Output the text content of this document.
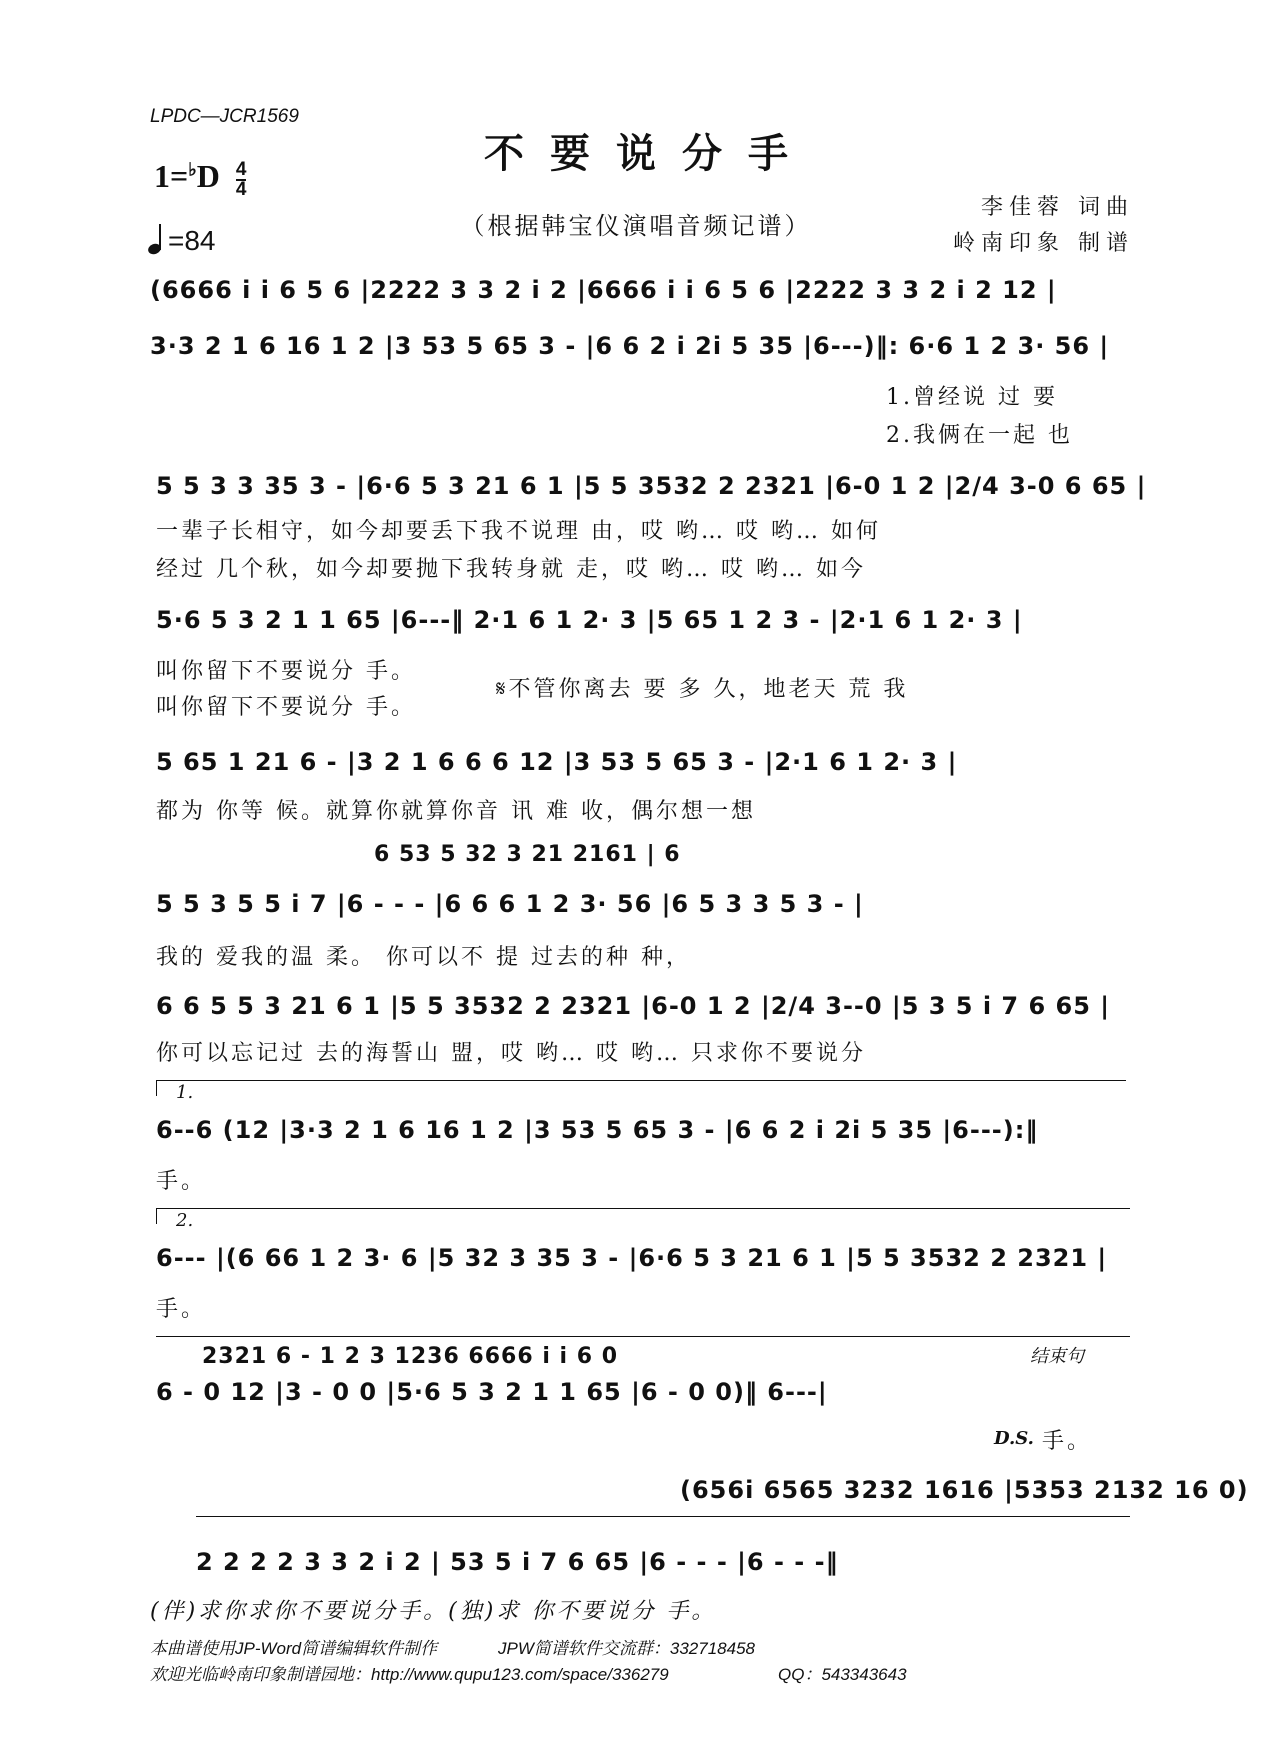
LPDC—JCR1569
不要说分手
$1=^♭D \frac{4}{4}$
=84	（根据韩宝仪演唱音频记谱）
李佳蓉 词曲
岭南印象 制谱
(6666 i i 6 5 6 |2222 3 3 2 i 2 |6666 i i 6 5 6 |2222 3 3 2 i 2 12 |
3·3 2 1 6 16 1 2 |3 53 5 65 3 - |6 6 2 i 2i 5 35 |6---)‖: 6·6 1 2 3· 56 |
1.曾经说 过 要
2.我俩在一起 也
5 5 3 3 35 3 - |6·6 5 3 21 6 1 |5 5 3532 2 2321 |6-0 1 2 |2/4 3-0 6 65 |
一辈子长相守，如今却要丢下我不说理 由，哎 哟… 哎 哟… 如何
经过 几个秋，如今却要抛下我转身就 走，哎 哟… 哎 哟… 如今
5·6 5 3 2 1 1 65 |6---‖ 2·1 6 1 2· 3 |5 65 1 2 3 - |2·1 6 1 2· 3 |
叫你留下不要说分 手。
叫你留下不要说分 手。
𝄋不管你离去 要 多 久，地老天 荒 我
5 65 1 21 6 - |3 2 1 6 6 6 12 |3 53 5 65 3 - |2·1 6 1 2· 3 |
都为 你等 候。就算你就算你音 讯 难 收，偶尔想一想
6 53 5 32 3 21 2161 | 6
5 5 3 5 5 i 7 |6 - - - |6 6 6 1 2 3· 56 |6 5 3 3 5 3 - |
我的 爱我的温 柔。 你可以不 提 过去的种 种，
6 6 5 5 3 21 6 1 |5 5 3532 2 2321 |6-0 1 2 |2/4 3--0 |5 3 5 i 7 6 65 |
你可以忘记过 去的海誓山 盟，哎 哟… 哎 哟… 只求你不要说分
1.
6--6 (12 |3·3 2 1 6 16 1 2 |3 53 5 65 3 - |6 6 2 i 2i 5 35 |6---):‖
手。
2.
6--- |(6 66 1 2 3· 6 |5 32 3 35 3 - |6·6 5 3 21 6 1 |5 5 3532 2 2321 |
手。
2321 6 - 1 2 3 1236 6666 i i 6 0	结束句
6 - 0 12 |3 - 0 0 |5·6 5 3 2 1 1 65 |6 - 0 0)‖ 6---|
D.S. 手。
(656i 6565 3232 1616 |5353 2132 16 0)
2 2 2 2 3 3 2 i 2 | 53 5 i 7 6 65 |6 - - - |6 - - -‖
(伴)求你求你不要说分手。(独)求 你不要说分 手。
本曲谱使用JP-Word简谱编辑软件制作	JPW简谱软件交流群：332718458
欢迎光临岭南印象制谱园地：http://www.qupu123.com/space/336279	QQ：543343643
